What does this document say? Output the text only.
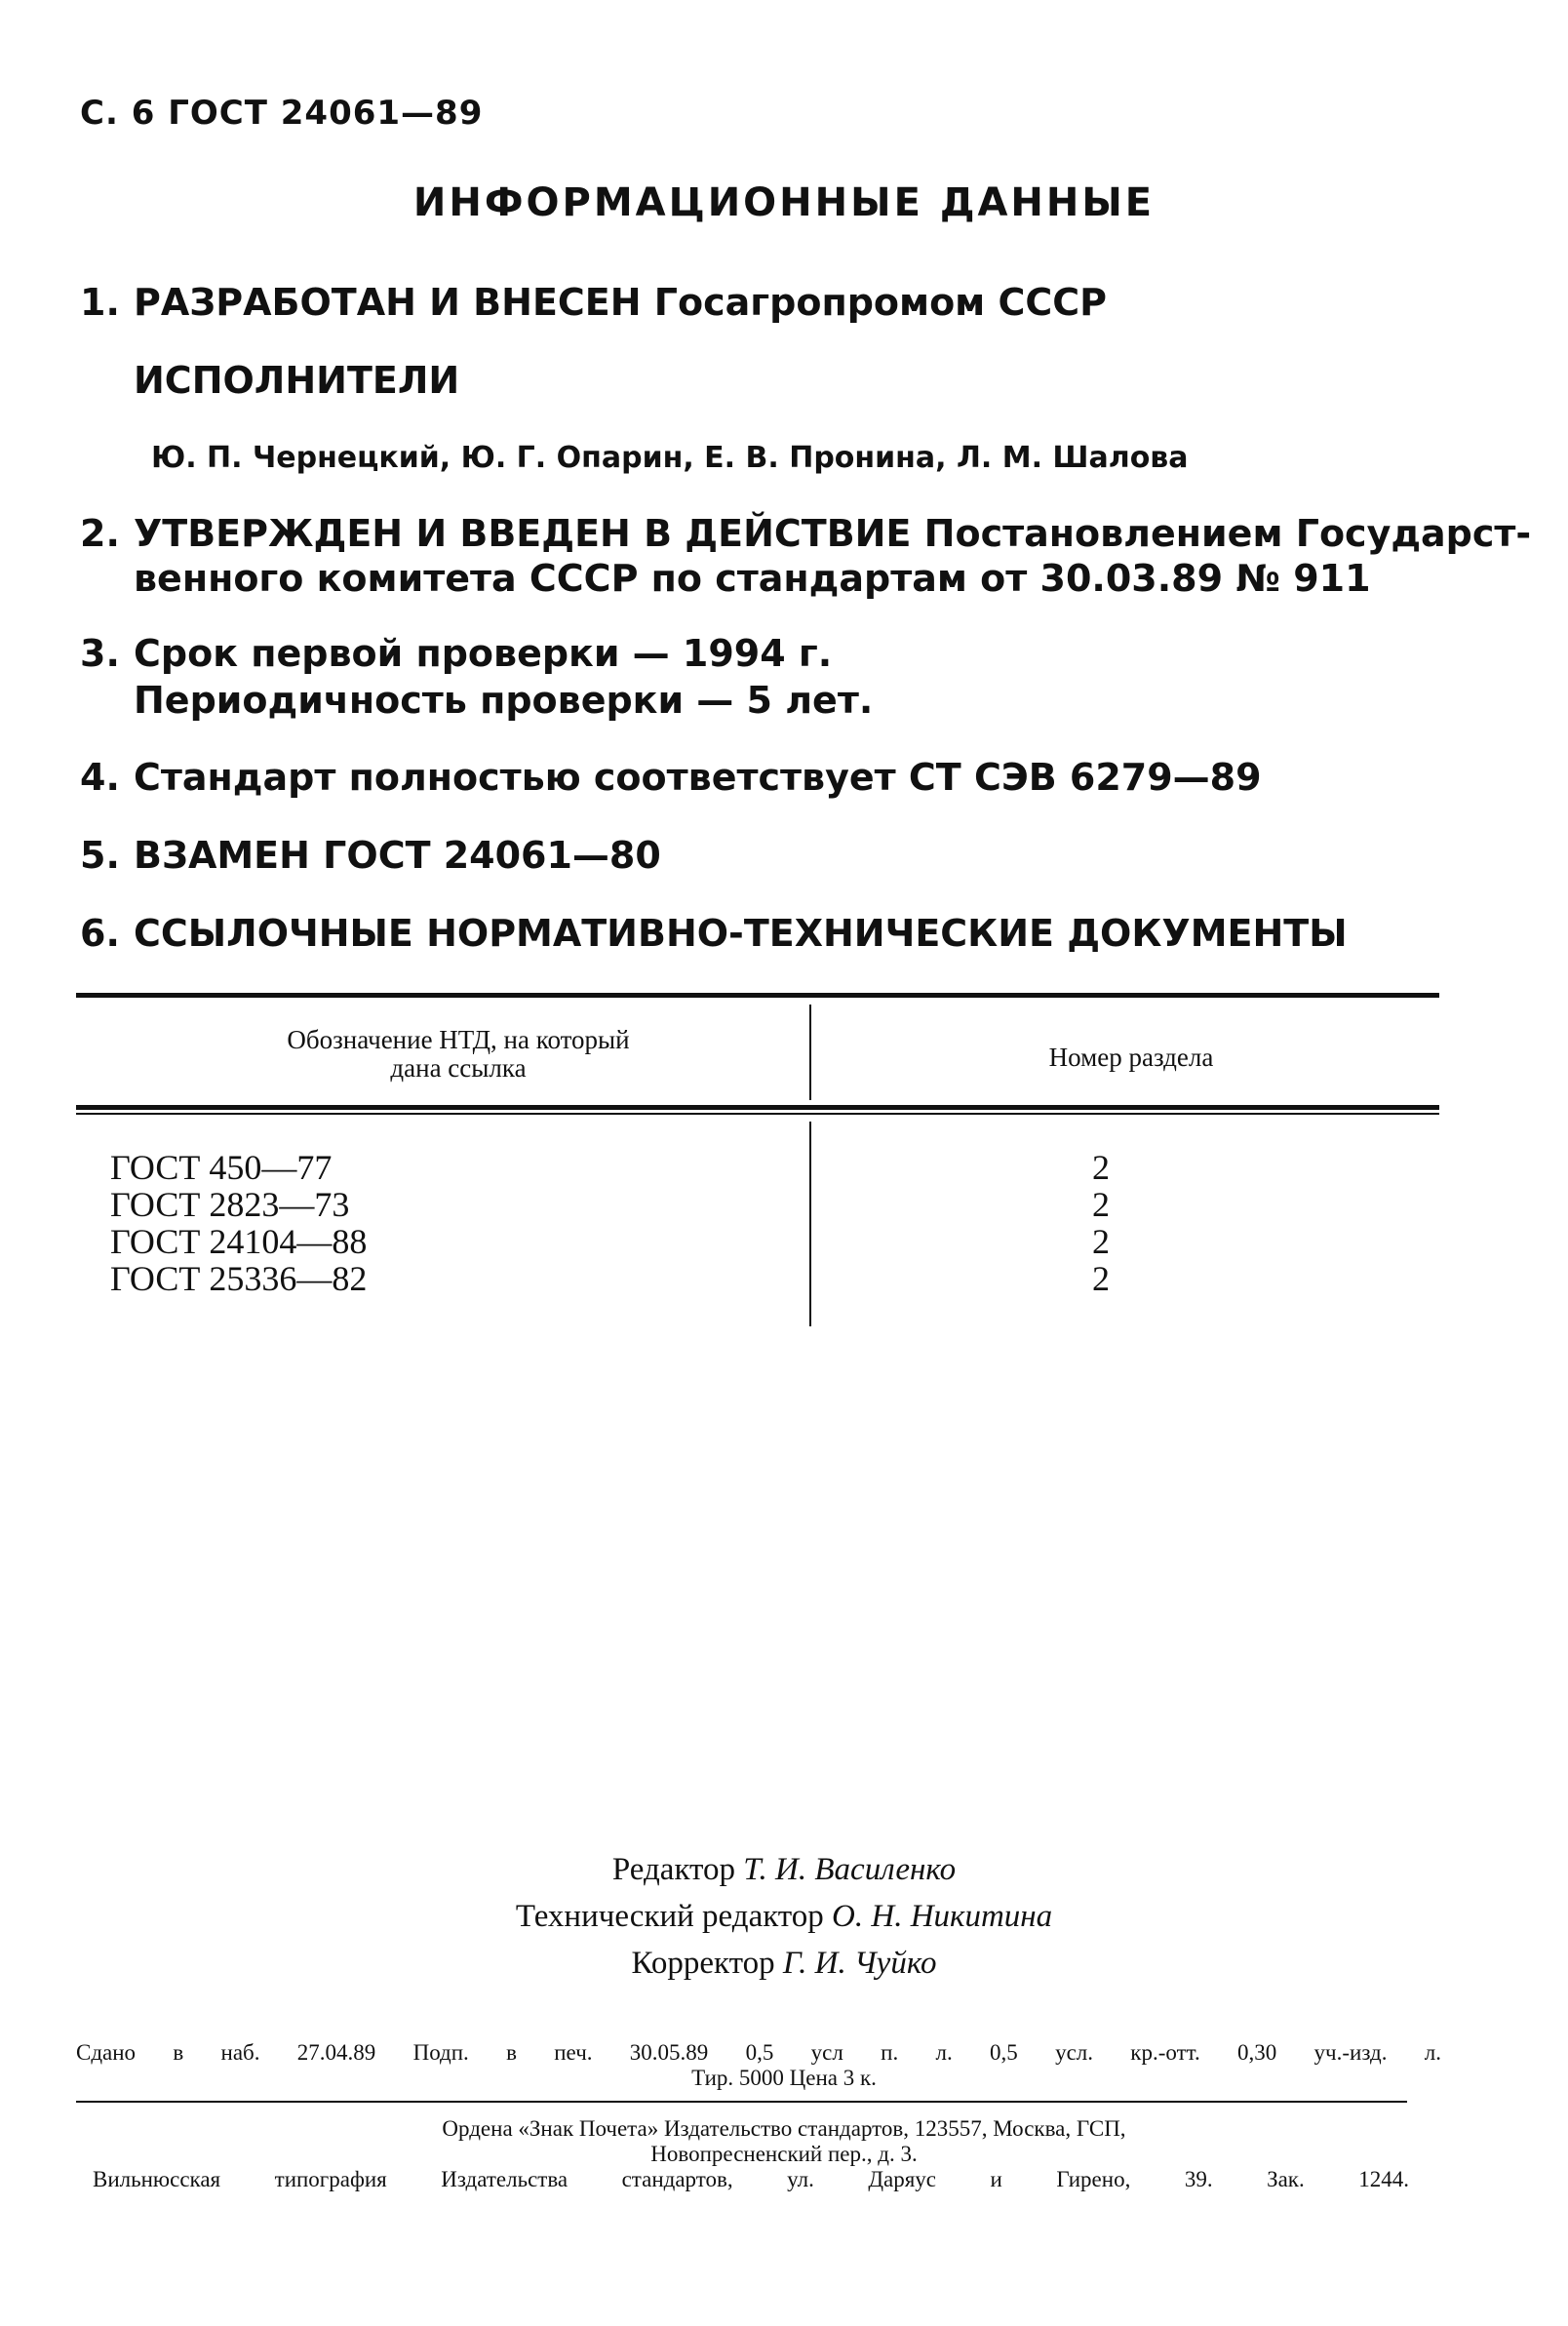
С. 6 ГОСТ 24061—89
ИНФОРМАЦИОННЫЕ ДАННЫЕ
1. РАЗРАБОТАН И ВНЕСЕН Госагропромом СССР
ИСПОЛНИТЕЛИ
Ю. П. Чернецкий, Ю. Г. Опарин, Е. В. Пронина, Л. М. Шалова
2. УТВЕРЖДЕН И ВВЕДЕН В ДЕЙСТВИЕ Постановлением Государст-
венного комитета СССР по стандартам от 30.03.89 № 911
3. Срок первой проверки — 1994 г.
Периодичность проверки — 5 лет.
4. Стандарт полностью соответствует СТ СЭВ 6279—89
5. ВЗАМЕН ГОСТ 24061—80
6. ССЫЛОЧНЫЕ НОРМАТИВНО-ТЕХНИЧЕСКИЕ ДОКУМЕНТЫ
Обозначение НТД, на который
дана ссылка	Номер раздела
ГОСТ 450—77	2
ГОСТ 2823—73	2
ГОСТ 24104—88	2
ГОСТ 25336—82	2
Редактор Т. И. Василенко
Технический редактор О. Н. Никитина
Корректор Г. И. Чуйко
Сдано в наб. 27.04.89 Подп. в печ. 30.05.89 0,5 усл п. л. 0,5 усл. кр.-отт. 0,30 уч.-изд. л.
Тир. 5000 Цена 3 к.
Ордена «Знак Почета» Издательство стандартов, 123557, Москва, ГСП,
Новопресненский пер., д. 3.
Вильнюсская типография Издательства стандартов, ул. Даряус и Гирено, 39. Зак. 1244.
